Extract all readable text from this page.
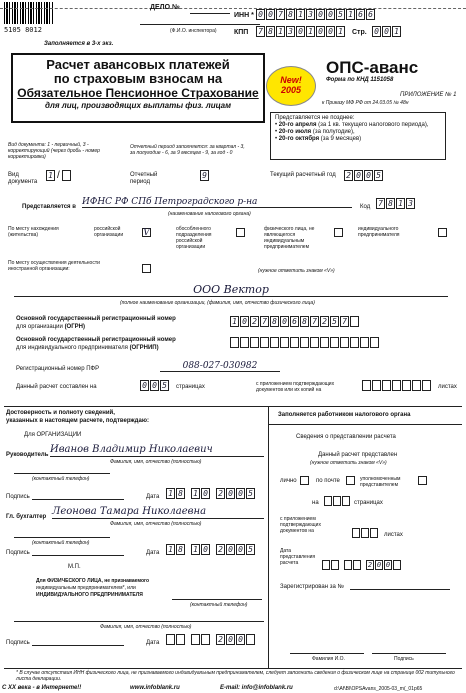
5105 8012
ДЕЛО №
(Ф.И.О. инспектора)
Заполняется в 3-х экз.
ИНН * 0 0 7 8 1 3 0 0 5 1 6 6
КПП 7 8 1 3 0 1 0 0 1 Стр. 0 0 1
Расчет авансовых платежей
по страховым взносам на
Обязательное Пенсионное Страхование
для лиц, производящих выплаты физ. лицам
New!
2005
ОПС-аванс
Форма по КНД 1151058
ПРИЛОЖЕНИЕ № 1
к Приказу МФ РФ от 24.03.05 № 48н
Представляется не позднее:
• 20-го апреля (за 1 кв. текущего налогового периода),
• 20-го июля (за полугодие),
• 20-го октября (за 9 месяцев)
Вид документа: 1 - первичный, 3 - корректирующий (через дробь - номер корректировки)
Отчетный период заполняется: за квартал - 3, за полугодие - 6, за 9 месяцев - 9, за год - 0
Вид документа
1 /	Отчетный период
9	Текущий расчетный год	2 0 0 5
Представляется в ИФНС РФ СПб Петроградского р-на
(наименование налогового органа)
Код 7 8 1 3
По месту нахождения (жительства)
российской организации	V	обособленного подразделения российской организации
физического лица, не являющегося индивидуальным предпринимателем
индивидуального предпринимателя
По месту осуществления деятельности иностранной организации:	(нужное отметить знаком «V»)
ООО Вектор
(полное наименование организации, (фамилия, имя, отчество физического лица)
Основной государственный регистрационный номер
для организации (ОГРН)
1 0 2 7 8 0 6 8 7 2 5 7
Основной государственный регистрационный номер
для индивидуального предпринимателя (ОГРНИП)
Регистрационный номер ПФР	088-027-030982
Данный расчет составлен на	0 0 5	страницах	с приложением подтверждающих документов или их копий на	листах
Достоверность и полноту сведений,
указанных в настоящем расчете, подтверждаю:
Для ОРГАНИЗАЦИИ
Руководитель Иванов Владимир Николаевич
Фамилия, имя, отчество (полностью)
(контактный телефон)
Подпись	Дата 1 8 1 0 2 0 0 5
Гл. бухгалтер Леонова Тамара Николаевна
Фамилия, имя, отчество (полностью)
(контактный телефон)
Подпись	Дата 1 8 1 0 2 0 0 5
М.П.
Для ФИЗИЧЕСКОГО ЛИЦА, не признаваемого
индивидуальным предпринимателем*, или
ИНДИВИДУАЛЬНОГО ПРЕДПРИНИМАТЕЛЯ
(контактный телефон)
Фамилия, имя, отчество (полностью)
Подпись	Дата	2 0 0
Заполняется работником налогового органа
Сведения о представлении расчета
Данный расчет представлен
(нужное отметить знаком «V»)
лично	по почте	уполномоченным представителем
на	страницах
с приложением подтверждающих документов на
листах
Дата представления расчета	2 0 0
Зарегистрирован за №
Фамилия И.О.	Подпись
* В случае отсутствия ИНН физического лица, не признаваемого индивидуальным предпринимателем, следует заполнить сведения о физическом лице на странице 002 титульного листа декларации.
С XX века - в Интернете!!	www.infoblank.ru	E-mail: info@infoblank.ru	d:\Af\Bl\OPSAvans_2005-03_m(_01p65
